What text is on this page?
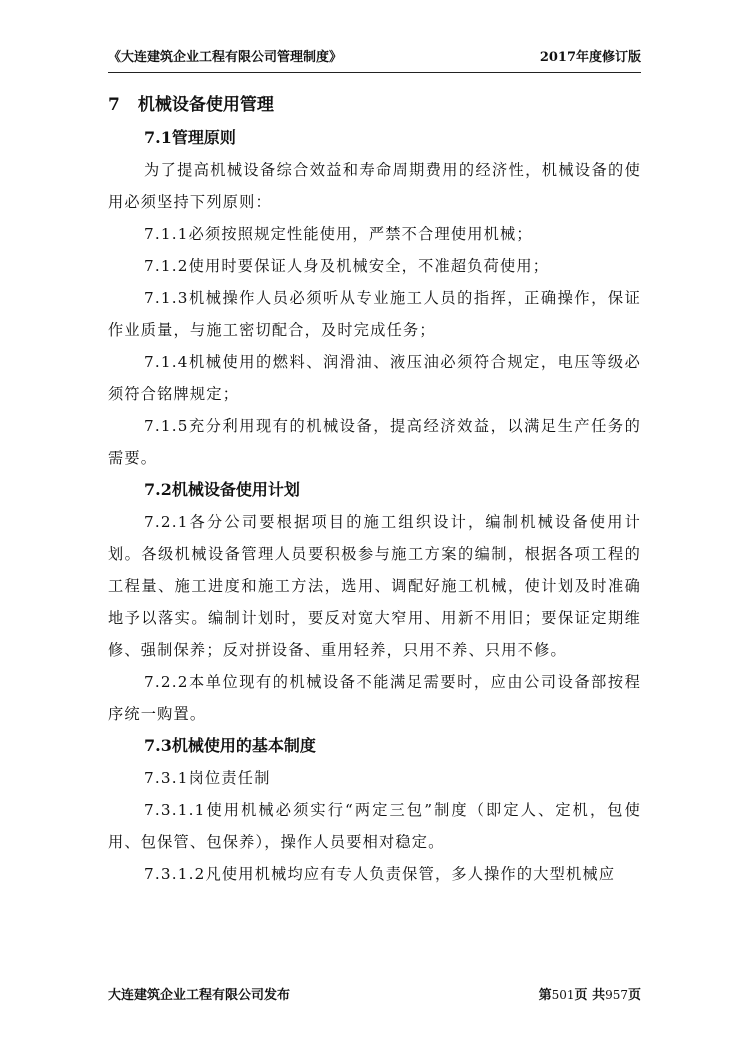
《大连建筑企业工程有限公司管理制度》	2017年度修订版
7 机械设备使用管理
7.1管理原则

为了提高机械设备综合效益和寿命周期费用的经济性，机械设备的使用必须坚持下列原则：

7.1.1必须按照规定性能使用，严禁不合理使用机械；

7.1.2使用时要保证人身及机械安全，不准超负荷使用；

7.1.3机械操作人员必须听从专业施工人员的指挥，正确操作，保证作业质量，与施工密切配合，及时完成任务；

7.1.4机械使用的燃料、润滑油、液压油必须符合规定，电压等级必须符合铭牌规定；

7.1.5充分利用现有的机械设备，提高经济效益，以满足生产任务的需要。

7.2机械设备使用计划

7.2.1各分公司要根据项目的施工组织设计，编制机械设备使用计划。各级机械设备管理人员要积极参与施工方案的编制，根据各项工程的工程量、施工进度和施工方法，选用、调配好施工机械，使计划及时准确地予以落实。编制计划时，要反对宽大窄用、用新不用旧；要保证定期维修、强制保养；反对拼设备、重用轻养，只用不养、只用不修。

7.2.2本单位现有的机械设备不能满足需要时，应由公司设备部按程序统一购置。

7.3机械使用的基本制度

7.3.1岗位责任制

7.3.1.1使用机械必须实行“两定三包”制度（即定人、定机，包使用、包保管、包保养），操作人员要相对稳定。

7.3.1.2凡使用机械均应有专人负责保管，多人操作的大型机械应

大连建筑企业工程有限公司发布	第 501 页 共 957 页
